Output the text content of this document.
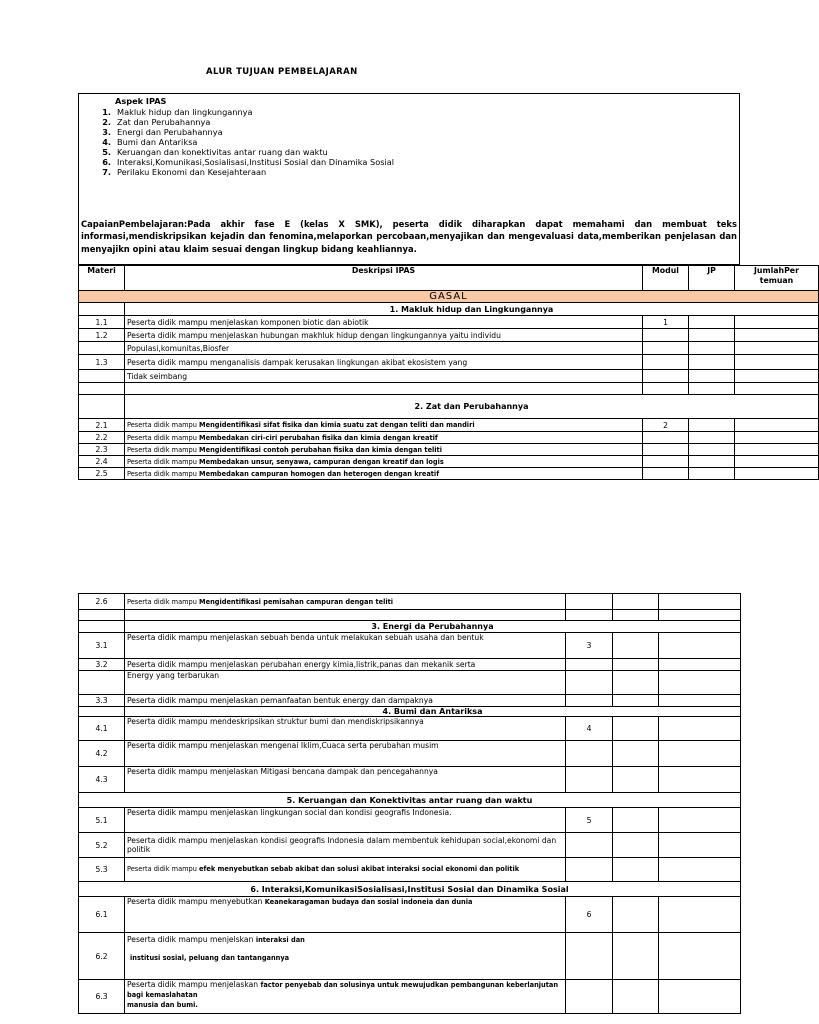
ALUR TUJUAN PEMBELAJARAN
Aspek IPAS
1. Makluk hidup dan lingkungannya
2. Zat dan Perubahannya
3. Energi dan Perubahannya
4. Bumi dan Antariksa
5. Keruangan dan konektivitas antar ruang dan waktu
6. Interaksi,Komunikasi,Sosialisasi,Institusi Sosial dan Dinamika Sosial
7. Perilaku Ekonomi dan Kesejahteraan
CapaianPembelajaran:Pada akhir fase E (kelas X SMK), peserta didik diharapkan dapat memahami dan membuat teks informasi,mendiskripsikan kejadin dan fenomina,melaporkan percobaan,menyajikan dan mengevaluasi data,memberikan penjelasan dan menyajikn opini atau klaim sesuai dengan lingkup bidang keahliannya.
Materi	Deskripsi IPAS	Modul	JP	JumlahPer temuan
GASAL				
	1. Makluk hidup dan Lingkungannya			
1.1	Peserta didik mampu menjelaskan komponen biotic dan abiotik	1		
1.2	Peserta didik mampu menjelaskan hubungan makhluk hidup dengan lingkungannya yaitu individu			
	Populasi,komunitas,Biosfer			
1.3	Peserta didik mampu menganalisis dampak kerusakan lingkungan akibat ekosistem yang			
	Tidak seimbang			

	2. Zat dan Perubahannya			
2.1	Peserta didik mampu Mengidentifikasi sifat fisika dan kimia suatu zat dengan teliti dan mandiri	2		
2.2	Peserta didik mampu Membedakan ciri-ciri perubahan fisika dan kimia dengan kreatif			
2.3	Peserta didik mampu Mengidentifikasi contoh perubahan fisika dan kimia dengan teliti			
2.4	Peserta didik mampu Membedakan unsur, senyawa, campuran dengan kreatif dan logis			
2.5	Peserta didik mampu Membedakan campuran homogen dan heterogen dengan kreatif			
2.6	Peserta didik mampu Mengidentifikasi pemisahan campuran dengan teliti			

	3. Energi da Perubahannya			
3.1	Peserta didik mampu menjelaskan sebuah benda untuk melakukan sebuah usaha dan bentuk	3		
3.2	Peserta didik mampu menjelaskan perubahan energy kimia,listrik,panas dan mekanik serta			
	Energy yang terbarukan			
3.3	Peserta didik mampu menjelaskan pemanfaatan bentuk energy dan dampaknya			
	4. Bumi dan Antariksa			
4.1	Peserta didik mampu mendeskripsikan struktur bumi dan mendiskripsikannya	4		
4.2	Peserta didik mampu menjelaskan mengenai Iklim,Cuaca serta perubahan musim			
4.3	Peserta didik mampu menjelaskan Mitigasi bencana dampak dan pencegahannya			
5. Keruangan dan Konektivitas antar ruang dan waktu				
5.1	Peserta didik mampu menjelaskan lingkungan social dan kondisi geografis Indonesia.	5		
5.2	Peserta didik mampu menjelaskan kondisi geografis Indonesia dalam membentuk kehidupan social,ekonomi dan politik			
5.3	Peserta didik mampu efek menyebutkan sebab akibat dan solusi akibat interaksi social ekonomi dan politik			
6. Interaksi,KomunikasiSosialisasi,Institusi Sosial dan Dinamika Sosial				
6.1	Peserta didik mampu menyebutkan Keanekaragaman budaya dan sosial indoneia dan dunia	6		
6.2	Peserta didik mampu menjelskan interaksi dan

institusi sosial, peluang dan tantangannya			
6.3	Peserta didik mampu menjelaskan factor penyebab dan solusinya untuk mewujudkan pembangunan keberlanjutan bagi kemaslahatan
manusia dan bumi.			
